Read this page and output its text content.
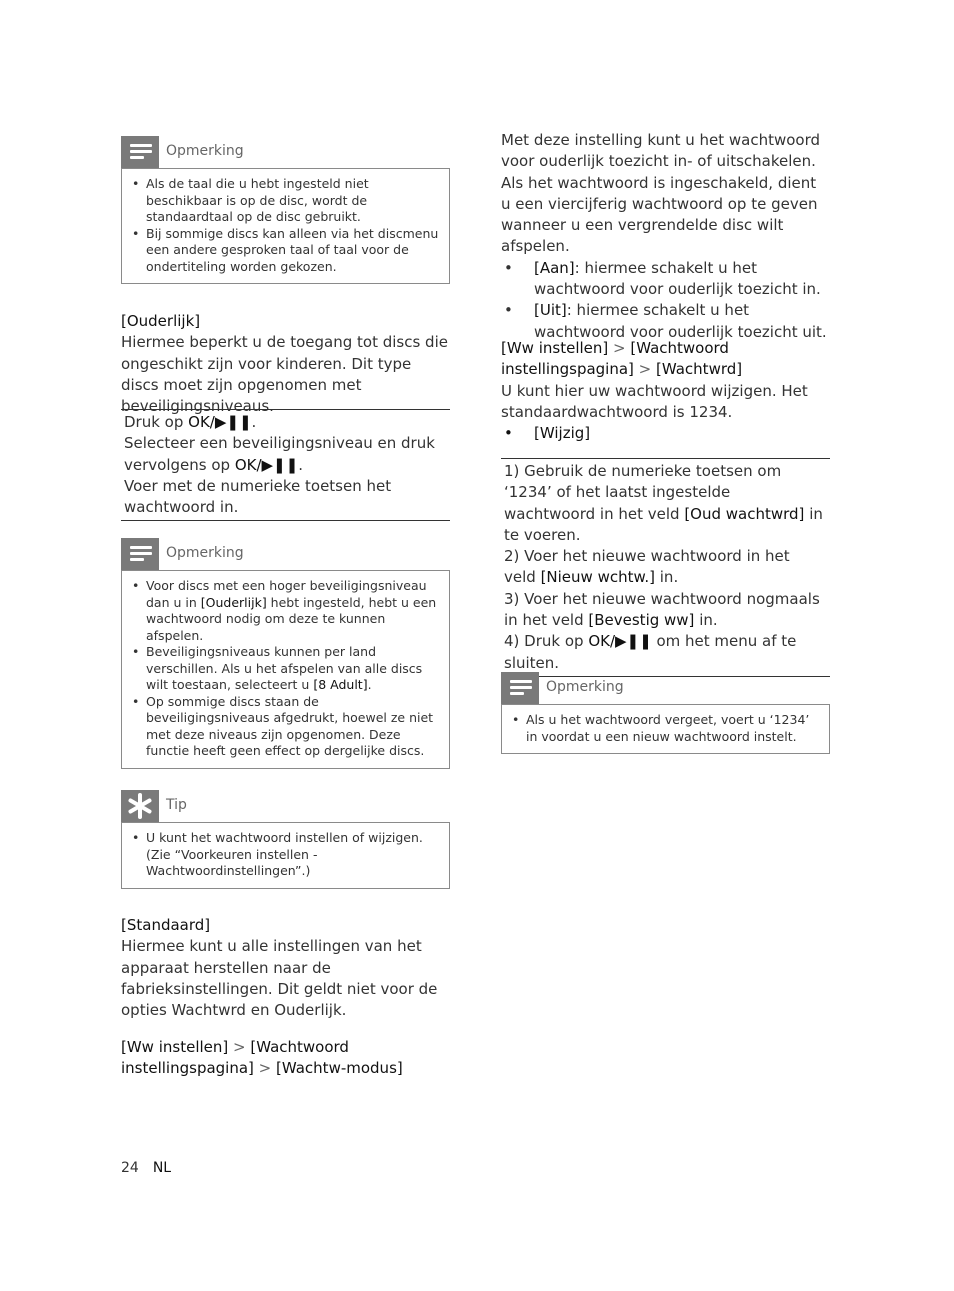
Opmerking
• Als de taal die u hebt ingesteld niet beschikbaar is op de disc, wordt de standaardtaal op de disc gebruikt.
• Bij sommige discs kan alleen via het discmenu een andere gesproken taal of taal voor de ondertiteling worden gekozen.
[Ouderlijk]
Hiermee beperkt u de toegang tot discs die ongeschikt zijn voor kinderen. Dit type discs moet zijn opgenomen met beveiligingsniveaus.
Druk op OK/▶❚❚.
Selecteer een beveiligingsniveau en druk vervolgens op OK/▶❚❚.
Voer met de numerieke toetsen het wachtwoord in.
Opmerking
• Voor discs met een hoger beveiligingsniveau dan u in [Ouderlijk] hebt ingesteld, hebt u een wachtwoord nodig om deze te kunnen afspelen.
• Beveiligingsniveaus kunnen per land verschillen. Als u het afspelen van alle discs wilt toestaan, selecteert u [8 Adult].
• Op sommige discs staan de beveiligingsniveaus afgedrukt, hoewel ze niet met deze niveaus zijn opgenomen. Deze functie heeft geen effect op dergelijke discs.
Tip
• U kunt het wachtwoord instellen of wijzigen. (Zie “Voorkeuren instellen - Wachtwoordinstellingen”.)
[Standaard]
Hiermee kunt u alle instellingen van het apparaat herstellen naar de fabrieksinstellingen. Dit geldt niet voor de opties Wachtwrd en Ouderlijk.
[Ww instellen] > [Wachtwoord instellingspagina] > [Wachtw-modus]
Met deze instelling kunt u het wachtwoord voor ouderlijk toezicht in- of uitschakelen. Als het wachtwoord is ingeschakeld, dient u een viercijferig wachtwoord op te geven wanneer u een vergrendelde disc wilt afspelen.
• [Aan]: hiermee schakelt u het wachtwoord voor ouderlijk toezicht in.
• [Uit]: hiermee schakelt u het wachtwoord voor ouderlijk toezicht uit.
[Ww instellen] > [Wachtwoord instellingspagina] > [Wachtwrd]
U kunt hier uw wachtwoord wijzigen. Het standaardwachtwoord is 1234.
• [Wijzig]
1) Gebruik de numerieke toetsen om ‘1234’ of het laatst ingestelde wachtwoord in het veld [Oud wachtwrd] in te voeren.
2) Voer het nieuwe wachtwoord in het veld [Nieuw wchtw.] in.
3) Voer het nieuwe wachtwoord nogmaals in het veld [Bevestig ww] in.
4) Druk op OK/▶❚❚ om het menu af te sluiten.
Opmerking
• Als u het wachtwoord vergeet, voert u ‘1234’ in voordat u een nieuw wachtwoord instelt.
24 NL
